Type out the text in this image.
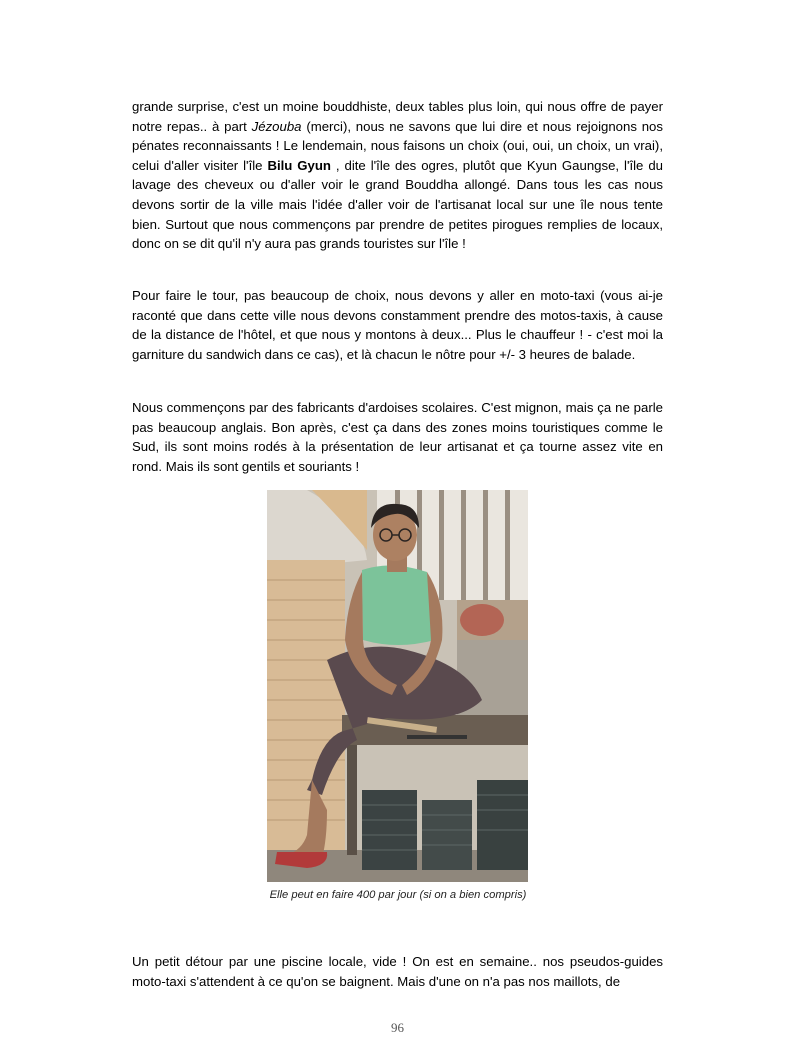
grande surprise, c'est un moine bouddhiste, deux tables plus loin, qui nous offre de payer notre repas.. à part Jézouba (merci), nous ne savons que lui dire et nous rejoignons nos pénates reconnaissants ! Le lendemain, nous faisons un choix (oui, oui, un choix, un vrai), celui d'aller visiter l'île Bilu Gyun , dite l'île des ogres, plutôt que Kyun Gaungse, l'île du lavage des cheveux ou d'aller voir le grand Bouddha allongé. Dans tous les cas nous devons sortir de la ville mais l'idée d'aller voir de l'artisanat local sur une île nous tente bien. Surtout que nous commençons par prendre de petites pirogues remplies de locaux, donc on se dit qu'il n'y aura pas grands touristes sur l'île !

Pour faire le tour, pas beaucoup de choix, nous devons y aller en moto-taxi (vous ai-je raconté que dans cette ville nous devons constamment prendre des motos-taxis, à cause de la distance de l'hôtel, et que nous y montons à deux... Plus le chauffeur ! - c'est moi la garniture du sandwich dans ce cas), et là chacun le nôtre pour +/- 3 heures de balade.

Nous commençons par des fabricants d'ardoises scolaires. C'est mignon, mais ça ne parle pas beaucoup anglais. Bon après, c'est ça dans des zones moins touristiques comme le Sud, ils sont moins rodés à la présentation de leur artisanat et ça tourne assez vite en rond. Mais ils sont gentils et souriants !

Elle peut en faire 400 par jour (si on a bien compris)

Un petit détour par une piscine locale, vide ! On est en semaine.. nos pseudos-guides moto-taxi s'attendent à ce qu'on se baignent. Mais d'une on n'a pas nos maillots, de

96
